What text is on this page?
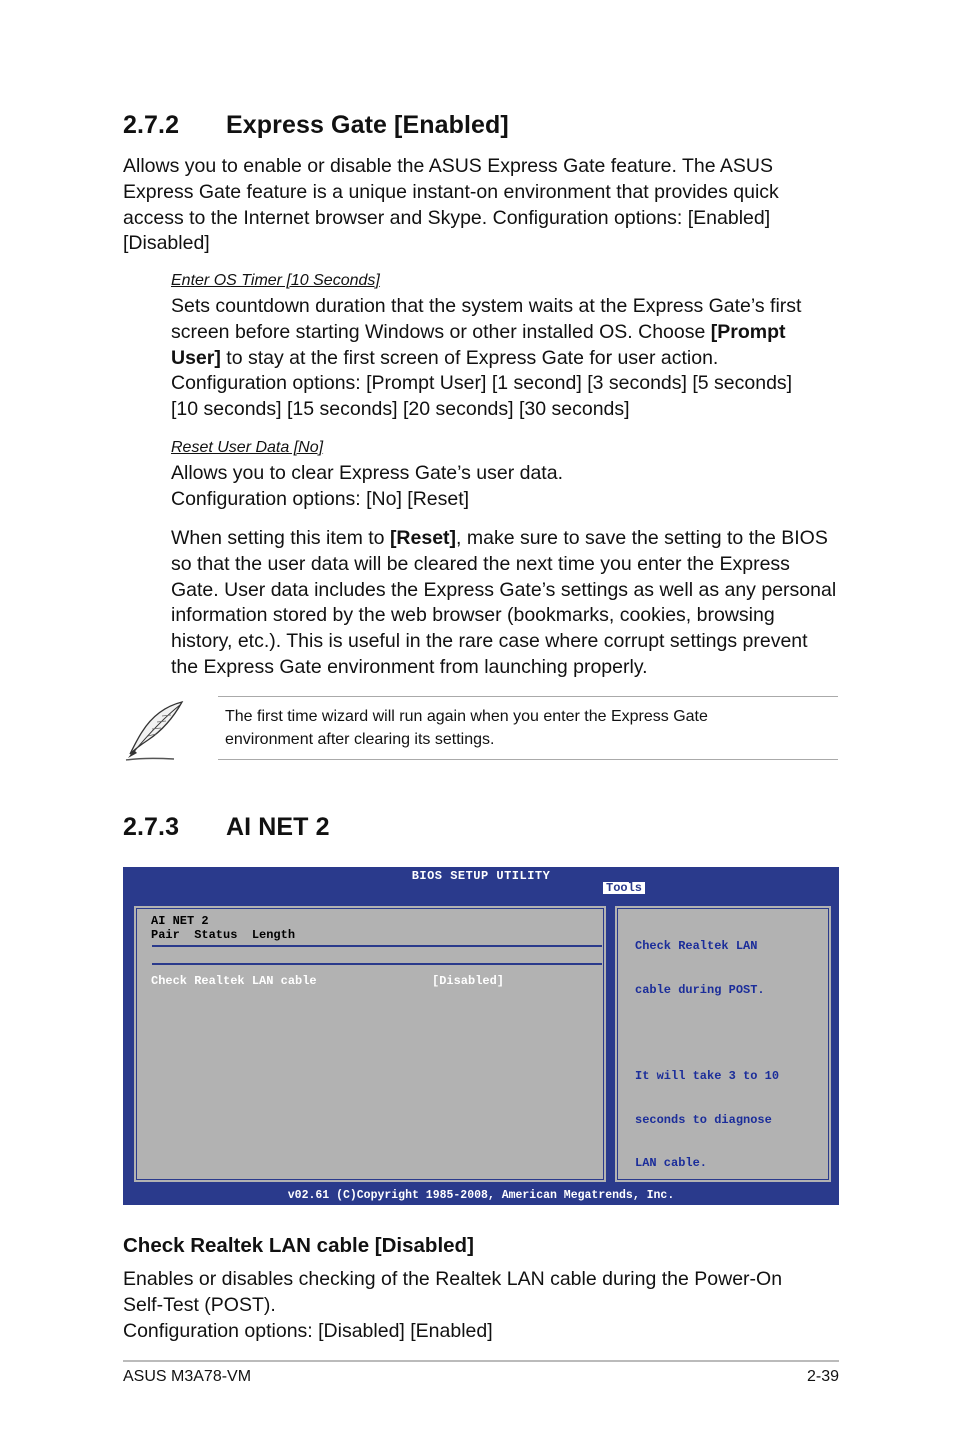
2.7.2 Express Gate [Enabled]
Allows you to enable or disable the ASUS Express Gate feature. The ASUS
Express Gate feature is a unique instant-on environment that provides quick
access to the Internet browser and Skype. Configuration options: [Enabled]
[Disabled]
Enter OS Timer [10 Seconds]
Sets countdown duration that the system waits at the Express Gate’s first
screen before starting Windows or other installed OS. Choose [Prompt
User] to stay at the first screen of Express Gate for user action.
Configuration options: [Prompt User] [1 second] [3 seconds] [5 seconds]
[10 seconds] [15 seconds] [20 seconds] [30 seconds]
Reset User Data [No]
Allows you to clear Express Gate’s user data.
Configuration options: [No] [Reset]
When setting this item to [Reset], make sure to save the setting to the BIOS
so that the user data will be cleared the next time you enter the Express
Gate. User data includes the Express Gate’s settings as well as any personal
information stored by the web browser (bookmarks, cookies, browsing
history, etc.). This is useful in the rare case where corrupt settings prevent
the Express Gate environment from launching properly.
The first time wizard will run again when you enter the Express Gate
environment after clearing its settings.
2.7.3 AI NET 2
BIOS SETUP UTILITY
Tools
AI NET 2
Pair  Status  Length
Check Realtek LAN cable	[Disabled]

Check Realtek LAN

cable during POST.

It will take 3 to 10

seconds to diagnose

LAN cable.

v02.61 (C)Copyright 1985-2008, American Megatrends, Inc.
Check Realtek LAN cable [Disabled]
Enables or disables checking of the Realtek LAN cable during the Power-On
Self-Test (POST).
Configuration options: [Disabled] [Enabled]
ASUS M3A78-VM	2-39
